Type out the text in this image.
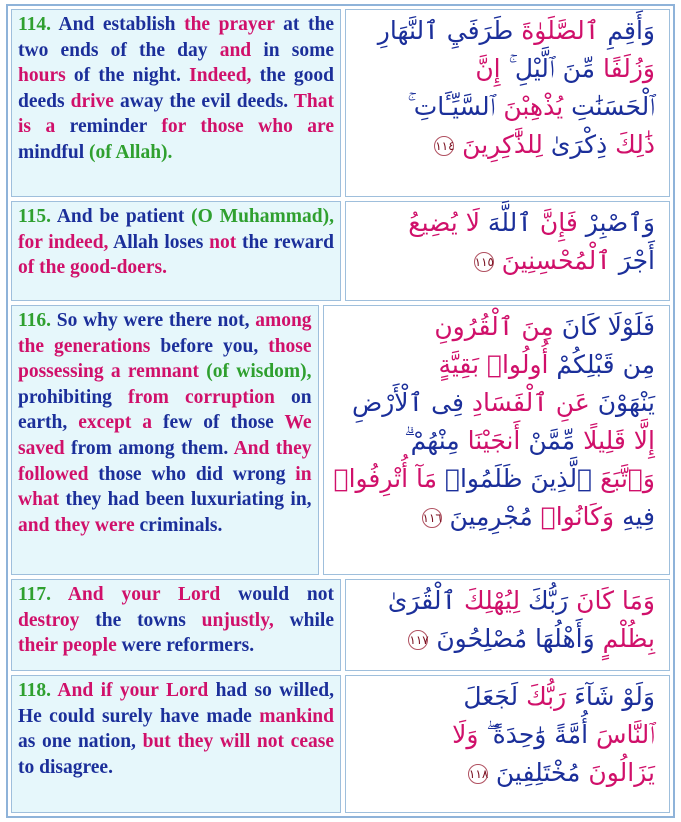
114. And establish the prayer at the two ends of the day and in some hours of the night. Indeed, the good deeds drive away the evil deeds. That is a reminder for those who are mindful (of Allah).
وَأَقِمِ ٱلصَّلَوٰةَ طَرَفَيِ ٱلنَّهَارِ
وَزُلَفًا مِّنَ ٱلَّيْلِ ۚ إِنَّ
ٱلْحَسَنَٰتِ يُذْهِبْنَ ٱلسَّيِّـَٔاتِ ۚ
ذَٰلِكَ ذِكْرَىٰ لِلذَّٰكِرِينَ ١١٤
115. And be patient (O Muhammad), for indeed, Allah loses not the reward of the good-doers.
وَٱصْبِرْ فَإِنَّ ٱللَّهَ لَا يُضِيعُ
أَجْرَ ٱلْمُحْسِنِينَ ١١٥
116. So why were there not, among the generations before you, those possessing a remnant (of wisdom), prohibiting from corruption on earth, except a few of those We saved from among them. And they followed those who did wrong in what they had been luxuriating in, and they were criminals.
فَلَوْلَا كَانَ مِنَ ٱلْقُرُونِ
مِن قَبْلِكُمْ أُولُوا۟ بَقِيَّةٍ
يَنْهَوْنَ عَنِ ٱلْفَسَادِ فِى ٱلْأَرْضِ
إِلَّا قَلِيلًا مِّمَّنْ أَنجَيْنَا مِنْهُمْ ۗ
وَٱتَّبَعَ ٱلَّذِينَ ظَلَمُوا۟ مَآ أُتْرِفُوا۟
فِيهِ وَكَانُوا۟ مُجْرِمِينَ ١١٦
117. And your Lord would not destroy the towns unjustly, while their people were reformers.
وَمَا كَانَ رَبُّكَ لِيُهْلِكَ ٱلْقُرَىٰ
بِظُلْمٍ وَأَهْلُهَا مُصْلِحُونَ ١١٧
118. And if your Lord had so willed, He could surely have made mankind as one nation, but they will not cease to disagree.
وَلَوْ شَآءَ رَبُّكَ لَجَعَلَ
ٱلنَّاسَ أُمَّةً وَٰحِدَةً ۖ وَلَا
يَزَالُونَ مُخْتَلِفِينَ ١١٨
